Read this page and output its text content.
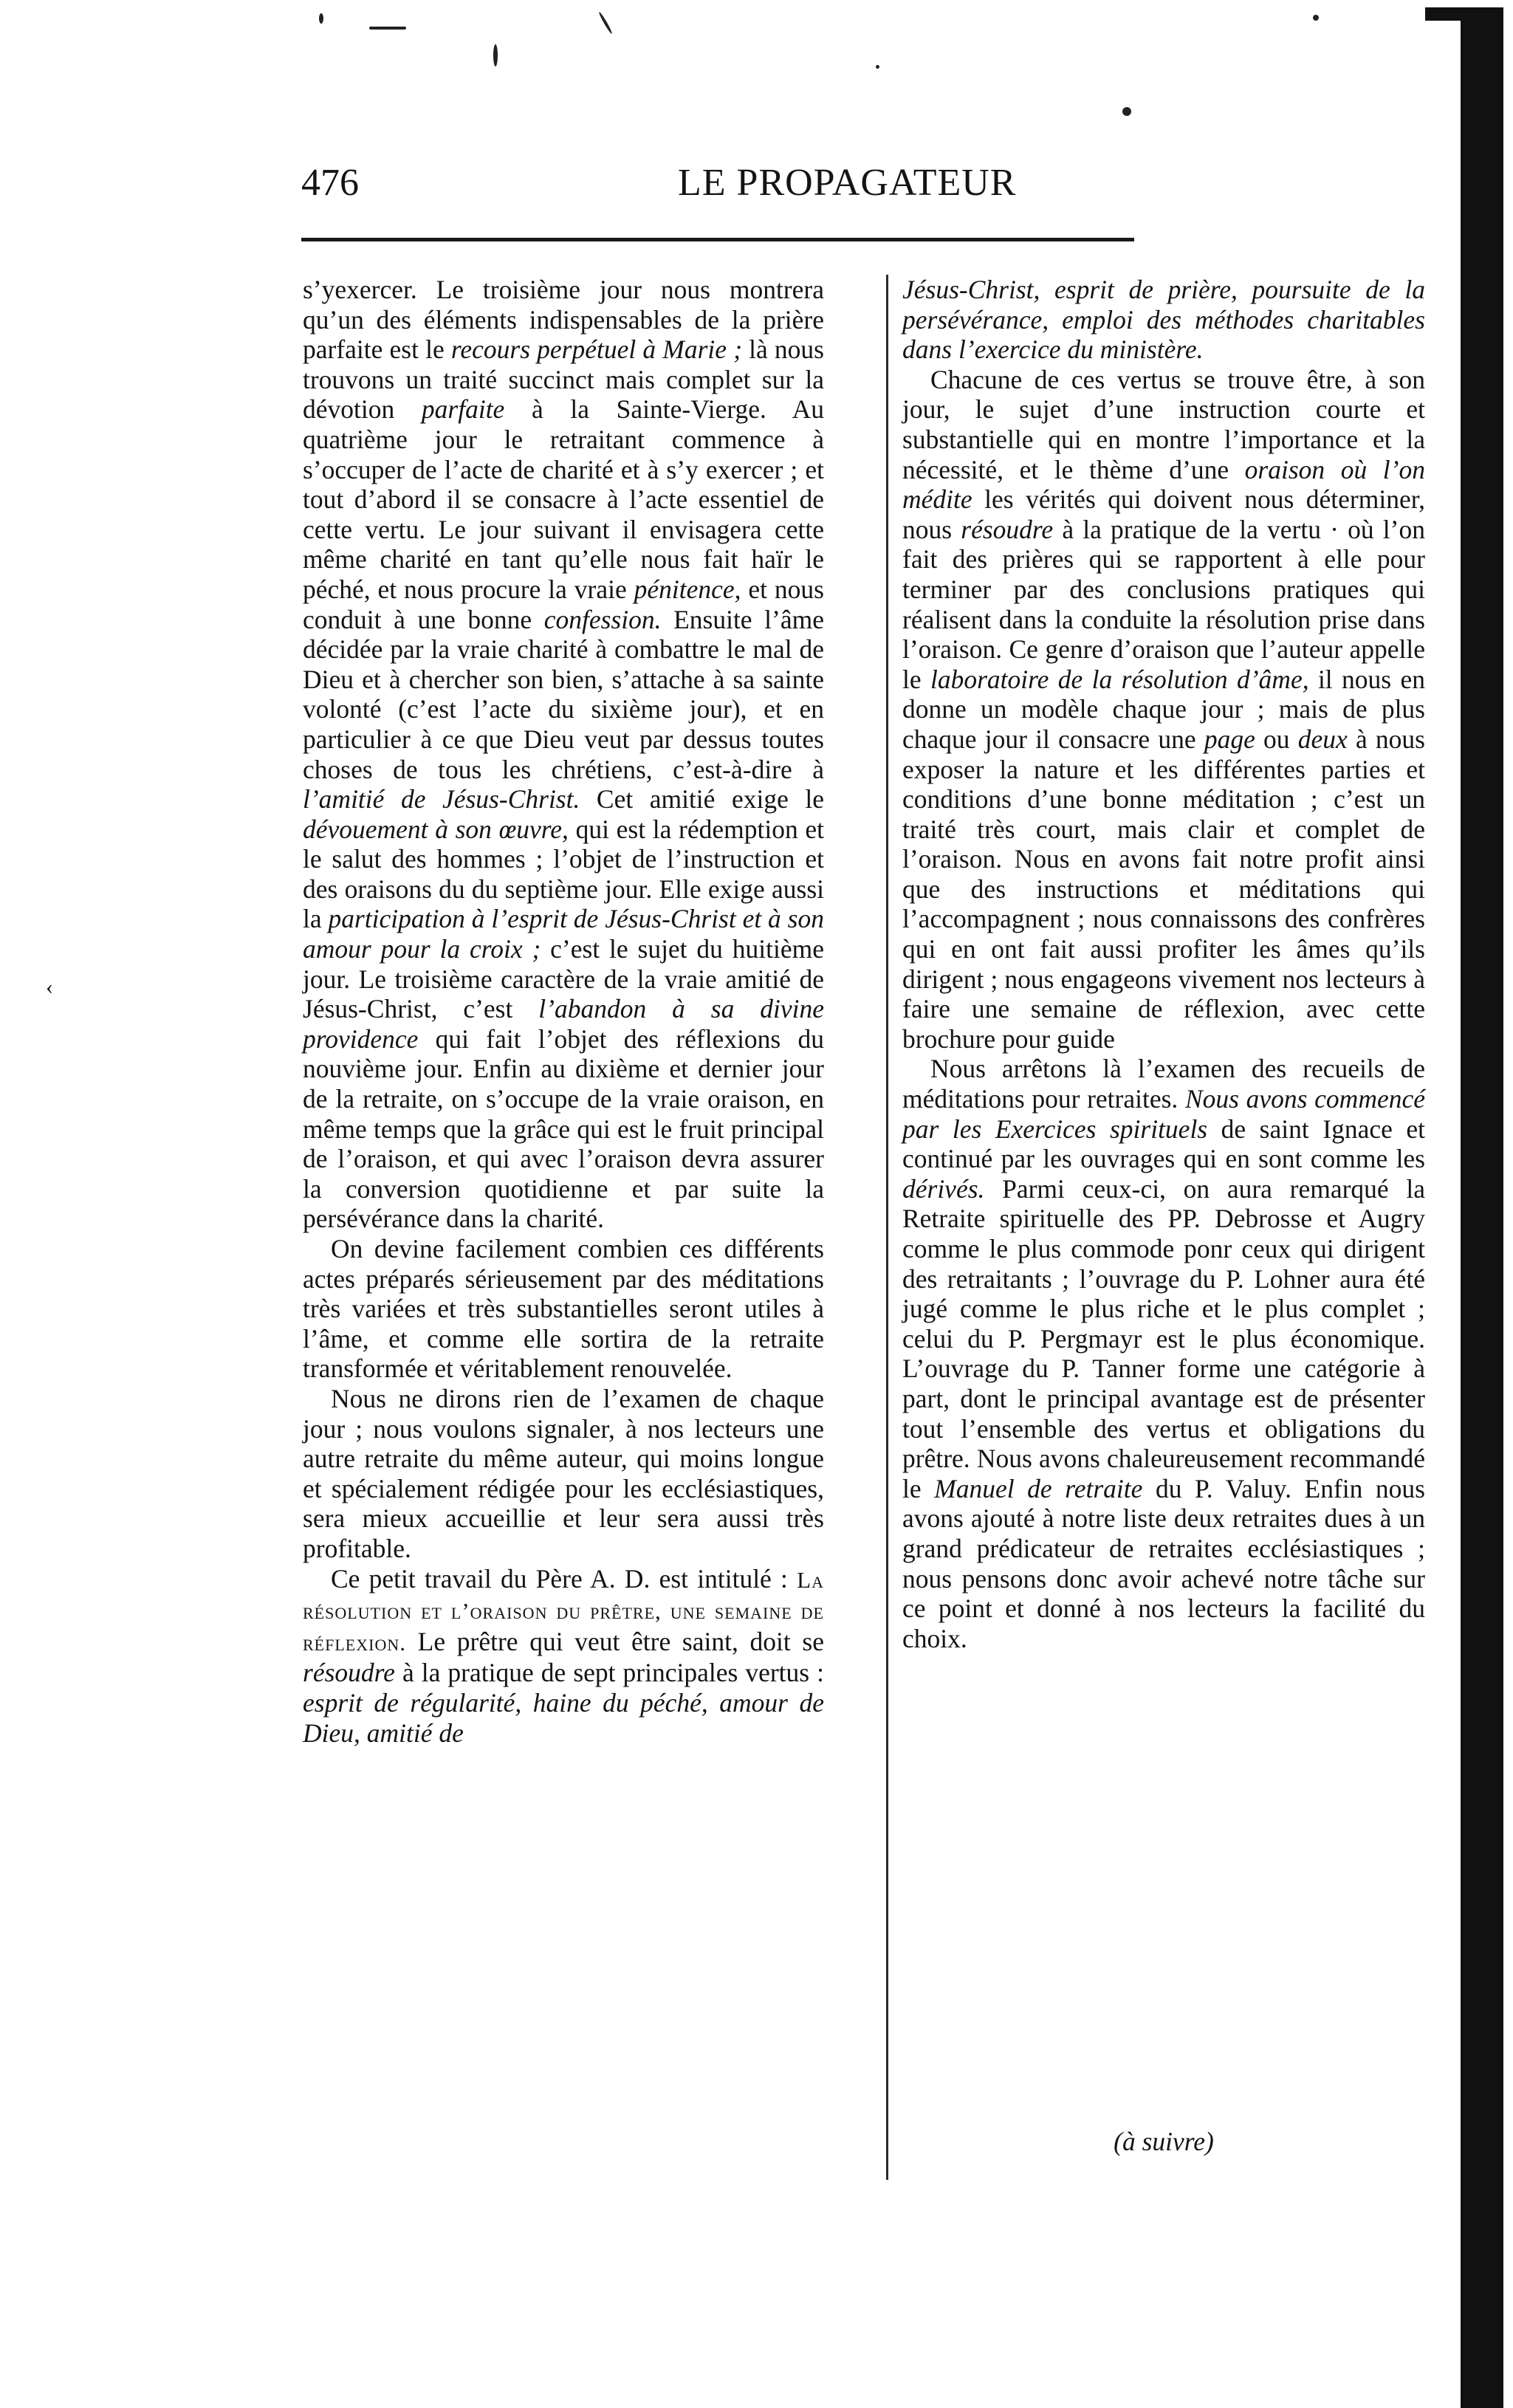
476	LE PROPAGATEUR
‹

s’yexercer. Le troisième jour nous montrera qu’un des éléments indispensables de la prière parfaite est le recours perpétuel à Marie ; là nous trouvons un traité succinct mais complet sur la dévotion parfaite à la Sainte-Vierge. Au quatrième jour le retraitant commence à s’occuper de l’acte de charité et à s’y exercer ; et tout d’abord il se consacre à l’acte essentiel de cette vertu. Le jour suivant il envisagera cette même charité en tant qu’elle nous fait haïr le péché, et nous procure la vraie pénitence, et nous conduit à une bonne confession. Ensuite l’âme décidée par la vraie charité à combattre le mal de Dieu et à chercher son bien, s’attache à sa sainte volonté (c’est l’acte du sixième jour), et en particulier à ce que Dieu veut par dessus toutes choses de tous les chrétiens, c’est-à-dire à l’amitié de Jésus-Christ. Cet amitié exige le dévouement à son œuvre, qui est la rédemption et le salut des hommes ; l’objet de l’instruction et des oraisons du du septième jour. Elle exige aussi la participation à l’esprit de Jésus-Christ et à son amour pour la croix ; c’est le sujet du huitième jour. Le troisième caractère de la vraie amitié de Jésus-Christ, c’est l’abandon à sa divine providence qui fait l’objet des réflexions du nouvième jour. Enfin au dixième et dernier jour de la retraite, on s’occupe de la vraie oraison, en même temps que la grâce qui est le fruit principal de l’oraison, et qui avec l’oraison devra assurer la conversion quotidienne et par suite la persévérance dans la charité.

On devine facilement combien ces différents actes préparés sérieusement par des méditations très variées et très substantielles seront utiles à l’âme, et comme elle sortira de la retraite transformée et véritablement renouvelée.

Nous ne dirons rien de l’examen de chaque jour ; nous voulons signaler, à nos lecteurs une autre retraite du même auteur, qui moins longue et spécialement rédigée pour les ecclésiastiques, sera mieux accueillie et leur sera aussi très profitable.

Ce petit travail du Père A. D. est intitulé : La résolution et l’oraison du prêtre, une semaine de réflexion. Le prêtre qui veut être saint, doit se résoudre à la pratique de sept principales vertus : esprit de régularité, haine du péché, amour de Dieu, amitié de

Jésus-Christ, esprit de prière, poursuite de la persévérance, emploi des méthodes charitables dans l’exercice du ministère.

Chacune de ces vertus se trouve être, à son jour, le sujet d’une instruction courte et substantielle qui en montre l’importance et la nécessité, et le thème d’une oraison où l’on médite les vérités qui doivent nous déterminer, nous résoudre à la pratique de la vertu · où l’on fait des prières qui se rapportent à elle pour terminer par des conclusions pratiques qui réalisent dans la conduite la résolution prise dans l’oraison. Ce genre d’oraison que l’auteur appelle le laboratoire de la résolution d’âme, il nous en donne un modèle chaque jour ; mais de plus chaque jour il consacre une page ou deux à nous exposer la nature et les différentes parties et conditions d’une bonne méditation ; c’est un traité très court, mais clair et complet de l’oraison. Nous en avons fait notre profit ainsi que des instructions et méditations qui l’accompagnent ; nous connaissons des confrères qui en ont fait aussi profiter les âmes qu’ils dirigent ; nous engageons vivement nos lecteurs à faire une semaine de réflexion, avec cette brochure pour guide

Nous arrêtons là l’examen des recueils de méditations pour retraites. Nous avons commencé par les Exercices spirituels de saint Ignace et continué par les ouvrages qui en sont comme les dérivés. Parmi ceux-ci, on aura remarqué la Retraite spirituelle des PP. Debrosse et Augry comme le plus commode ponr ceux qui dirigent des retraitants ; l’ouvrage du P. Lohner aura été jugé comme le plus riche et le plus complet ; celui du P. Pergmayr est le plus économique. L’ouvrage du P. Tanner forme une catégorie à part, dont le principal avantage est de présenter tout l’ensemble des vertus et obligations du prêtre. Nous avons chaleureusement recommandé le Manuel de retraite du P. Valuy. Enfin nous avons ajouté à notre liste deux retraites dues à un grand prédicateur de retraites ecclésiastiques ; nous pensons donc avoir achevé notre tâche sur ce point et donné à nos lecteurs la facilité du choix.

(à suivre)
